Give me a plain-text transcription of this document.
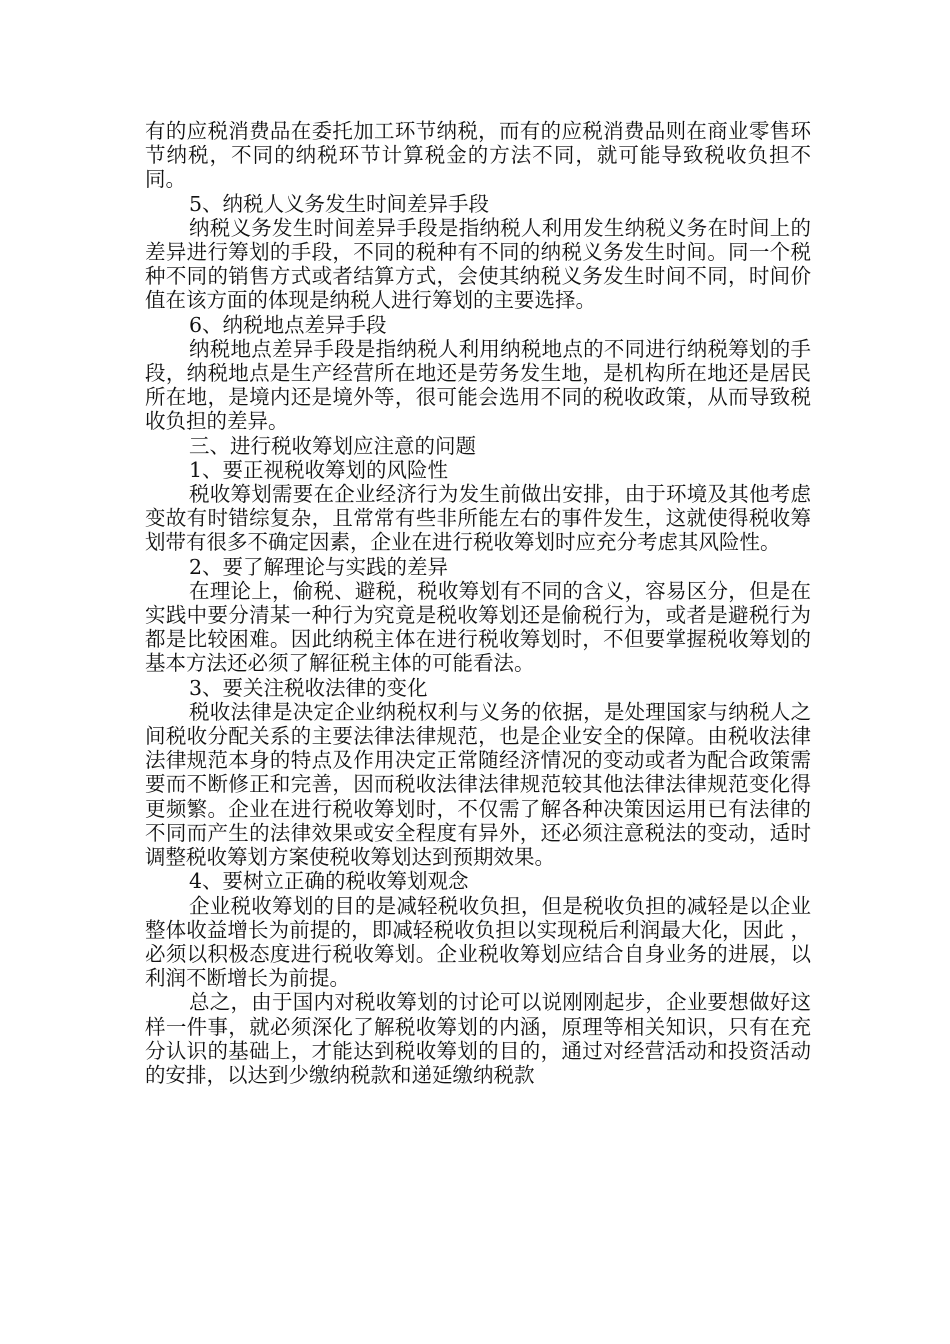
有的应税消费品在委托加工环节纳税，而有的应税消费品则在商业零售环节纳税，不同的纳税环节计算税金的方法不同，就可能导致税收负担不同。

5、纳税人义务发生时间差异手段

纳税义务发生时间差异手段是指纳税人利用发生纳税义务在时间上的差异进行筹划的手段，不同的税种有不同的纳税义务发生时间。同一个税种不同的销售方式或者结算方式，会使其纳税义务发生时间不同，时间价值在该方面的体现是纳税人进行筹划的主要选择。

6、纳税地点差异手段

纳税地点差异手段是指纳税人利用纳税地点的不同进行纳税筹划的手段，纳税地点是生产经营所在地还是劳务发生地，是机构所在地还是居民所在地，是境内还是境外等，很可能会选用不同的税收政策，从而导致税收负担的差异。

三、进行税收筹划应注意的问题

1、要正视税收筹划的风险性

税收筹划需要在企业经济行为发生前做出安排，由于环境及其他考虑变故有时错综复杂，且常常有些非所能左右的事件发生，这就使得税收筹划带有很多不确定因素，企业在进行税收筹划时应充分考虑其风险性。

2、要了解理论与实践的差异

在理论上，偷税、避税，税收筹划有不同的含义，容易区分，但是在实践中要分清某一种行为究竟是税收筹划还是偷税行为，或者是避税行为都是比较困难。因此纳税主体在进行税收筹划时，不但要掌握税收筹划的基本方法还必须了解征税主体的可能看法。

3、要关注税收法律的变化

税收法律是决定企业纳税权利与义务的依据，是处理国家与纳税人之间税收分配关系的主要法律法律规范，也是企业安全的保障。由税收法律法律规范本身的特点及作用决定正常随经济情况的变动或者为配合政策需要而不断修正和完善，因而税收法律法律规范较其他法律法律规范变化得更频繁。企业在进行税收筹划时，不仅需了解各种决策因运用已有法律的不同而产生的法律效果或安全程度有异外，还必须注意税法的变动，适时调整税收筹划方案使税收筹划达到预期效果。

4、要树立正确的税收筹划观念

企业税收筹划的目的是减轻税收负担，但是税收负担的减轻是以企业整体收益增长为前提的，即减轻税收负担以实现税后利润最大化，因此 ，必须以积极态度进行税收筹划。企业税收筹划应结合自身业务的进展，以利润不断增长为前提。

总之，由于国内对税收筹划的讨论可以说刚刚起步，企业要想做好这样一件事，就必须深化了解税收筹划的内涵，原理等相关知识，只有在充分认识的基础上，才能达到税收筹划的目的，通过对经营活动和投资活动的安排，以达到少缴纳税款和递延缴纳税款
